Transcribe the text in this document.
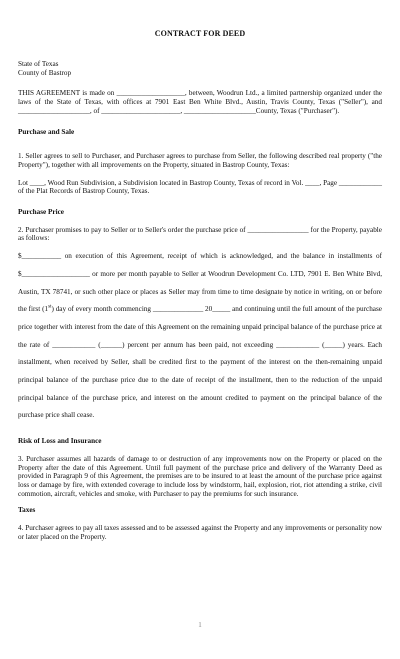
CONTRACT FOR DEED

State of Texas

County of Bastrop

THIS AGREEMENT is made on ___________________, between, Woodrun Ltd., a limited partnership organized under the laws of the State of Texas, with offices at 7901 East Ben White Blvd., Austin, Travis County, Texas ("Seller"), and ____________________, of ______________________, ____________________County, Texas ("Purchaser").

Purchase and Sale

1. Seller agrees to sell to Purchaser, and Purchaser agrees to purchase from Seller, the following described real property ("the Property"), together with all improvements on the Property, situated in Bastrop County, Texas:

Lot ____, Wood Run Subdivision, a Subdivision located in Bastrop County, Texas of record in Vol. ____, Page ____________ of the Plat Records of Bastrop County, Texas.

Purchase Price

2. Purchaser promises to pay to Seller or to Seller's order the purchase price of _________________ for the Property, payable as follows:

$___________ on execution of this Agreement, receipt of which is acknowledged, and the balance in installments of $___________________ or more per month payable to Seller at Woodrun Development Co. LTD, 7901 E. Ben White Blvd, Austin, TX 78741, or such other place or places as Seller may from time to time designate by notice in writing, on or before the first (1st) day of every month commencing ______________ 20_____ and continuing until the full amount of the purchase price together with interest from the date of this Agreement on the remaining unpaid principal balance of the purchase price at the rate of ____________ (______) percent per annum has been paid, not exceeding ____________ (_____) years. Each installment, when received by Seller, shall be credited first to the payment of the interest on the then-remaining unpaid principal balance of the purchase price due to the date of receipt of the installment, then to the reduction of the unpaid principal balance of the purchase price, and interest on the amount credited to payment on the principal balance of the purchase price shall cease.

Risk of Loss and Insurance

3. Purchaser assumes all hazards of damage to or destruction of any improvements now on the Property or placed on the Property after the date of this Agreement. Until full payment of the purchase price and delivery of the Warranty Deed as provided in Paragraph 9 of this Agreement, the premises are to be insured to at least the amount of the purchase price against loss or damage by fire, with extended coverage to include loss by windstorm, hail, explosion, riot, riot attending a strike, civil commotion, aircraft, vehicles and smoke, with Purchaser to pay the premiums for such insurance.

Taxes

4. Purchaser agrees to pay all taxes assessed and to be assessed against the Property and any improvements or personality now or later placed on the Property.

1
